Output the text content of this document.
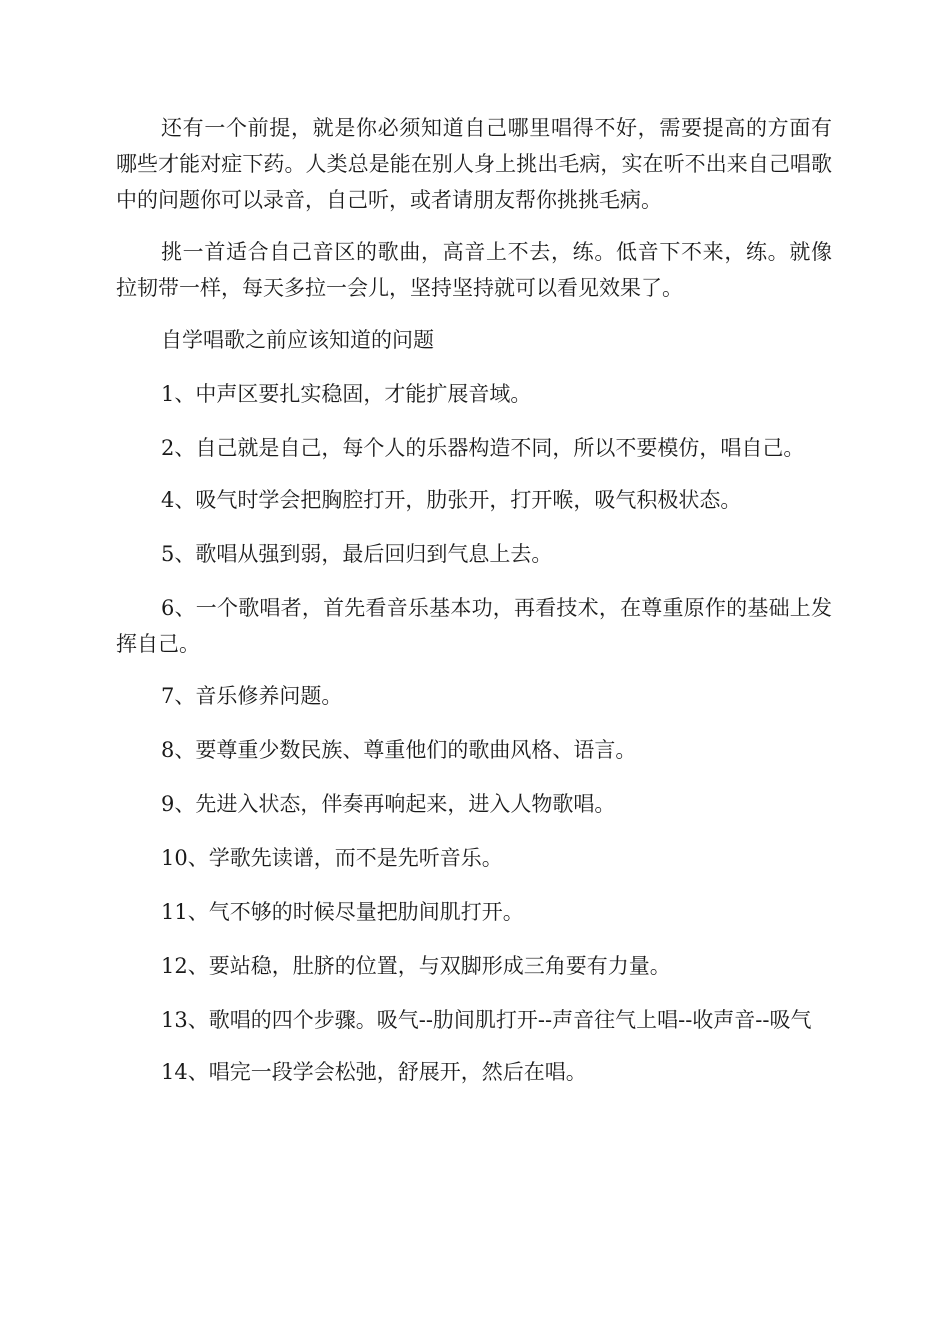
还有一个前提，就是你必须知道自己哪里唱得不好，需要提高的方面有哪些才能对症下药。人类总是能在别人身上挑出毛病，实在听不出来自己唱歌中的问题你可以录音，自己听，或者请朋友帮你挑挑毛病。

挑一首适合自己音区的歌曲，高音上不去，练。低音下不来，练。就像拉韧带一样，每天多拉一会儿，坚持坚持就可以看见效果了。

自学唱歌之前应该知道的问题

1、中声区要扎实稳固，才能扩展音域。

2、自己就是自己，每个人的乐器构造不同，所以不要模仿，唱自己。

4、吸气时学会把胸腔打开，肋张开，打开喉，吸气积极状态。

5、歌唱从强到弱，最后回归到气息上去。

6、一个歌唱者，首先看音乐基本功，再看技术，在尊重原作的基础上发挥自己。

7、音乐修养问题。

8、要尊重少数民族、尊重他们的歌曲风格、语言。

9、先进入状态，伴奏再响起来，进入人物歌唱。

10、学歌先读谱，而不是先听音乐。

11、气不够的时候尽量把肋间肌打开。

12、要站稳，肚脐的位置，与双脚形成三角要有力量。

13、歌唱的四个步骤。吸气--肋间肌打开--声音往气上唱--收声音--吸气

14、唱完一段学会松弛，舒展开，然后在唱。
